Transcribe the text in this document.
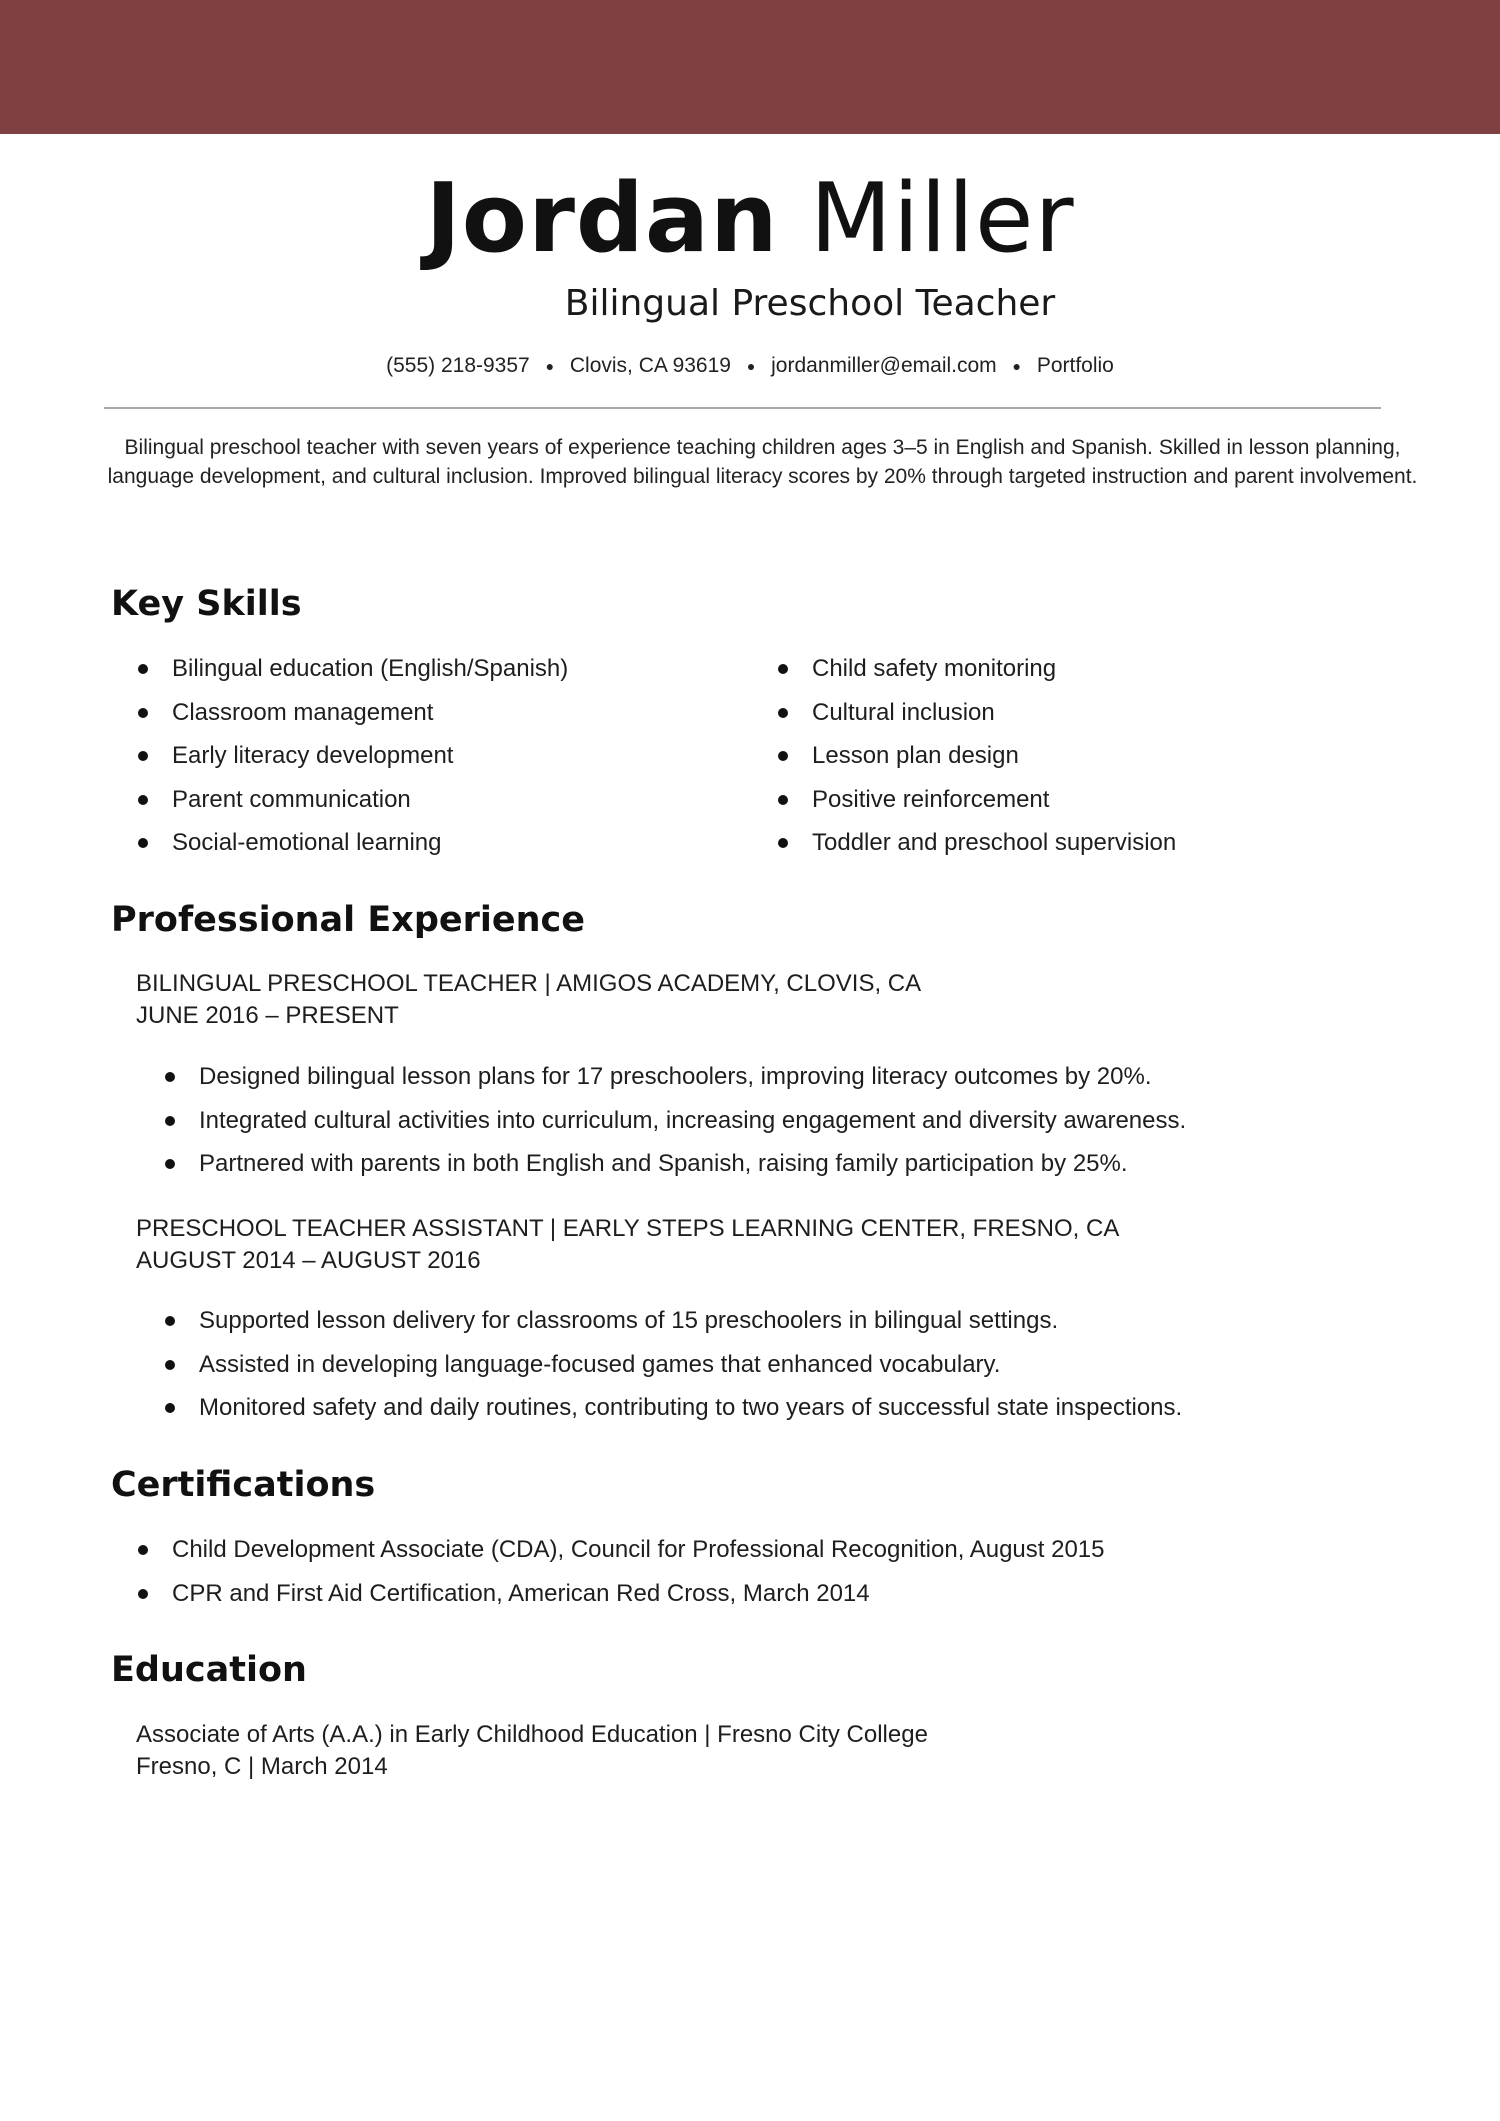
Jordan Miller
Bilingual Preschool Teacher
(555) 218-9357 ● Clovis, CA 93619 ● jordanmiller@email.com ● Portfolio
Bilingual preschool teacher with seven years of experience teaching children ages 3–5 in English and Spanish. Skilled in lesson planning, language development, and cultural inclusion. Improved bilingual literacy scores by 20% through targeted instruction and parent involvement.
Key Skills
Bilingual education (English/Spanish)
Classroom management
Early literacy development
Parent communication
Social-emotional learning
Child safety monitoring
Cultural inclusion
Lesson plan design
Positive reinforcement
Toddler and preschool supervision
Professional Experience
BILINGUAL PRESCHOOL TEACHER | AMIGOS ACADEMY, CLOVIS, CA
JUNE 2016 – PRESENT
Designed bilingual lesson plans for 17 preschoolers, improving literacy outcomes by 20%.
Integrated cultural activities into curriculum, increasing engagement and diversity awareness.
Partnered with parents in both English and Spanish, raising family participation by 25%.
PRESCHOOL TEACHER ASSISTANT | EARLY STEPS LEARNING CENTER, FRESNO, CA
AUGUST 2014 – AUGUST 2016
Supported lesson delivery for classrooms of 15 preschoolers in bilingual settings.
Assisted in developing language-focused games that enhanced vocabulary.
Monitored safety and daily routines, contributing to two years of successful state inspections.
Certifications
Child Development Associate (CDA), Council for Professional Recognition, August 2015
CPR and First Aid Certification, American Red Cross, March 2014
Education
Associate of Arts (A.A.) in Early Childhood Education | Fresno City College
Fresno, C | March 2014
